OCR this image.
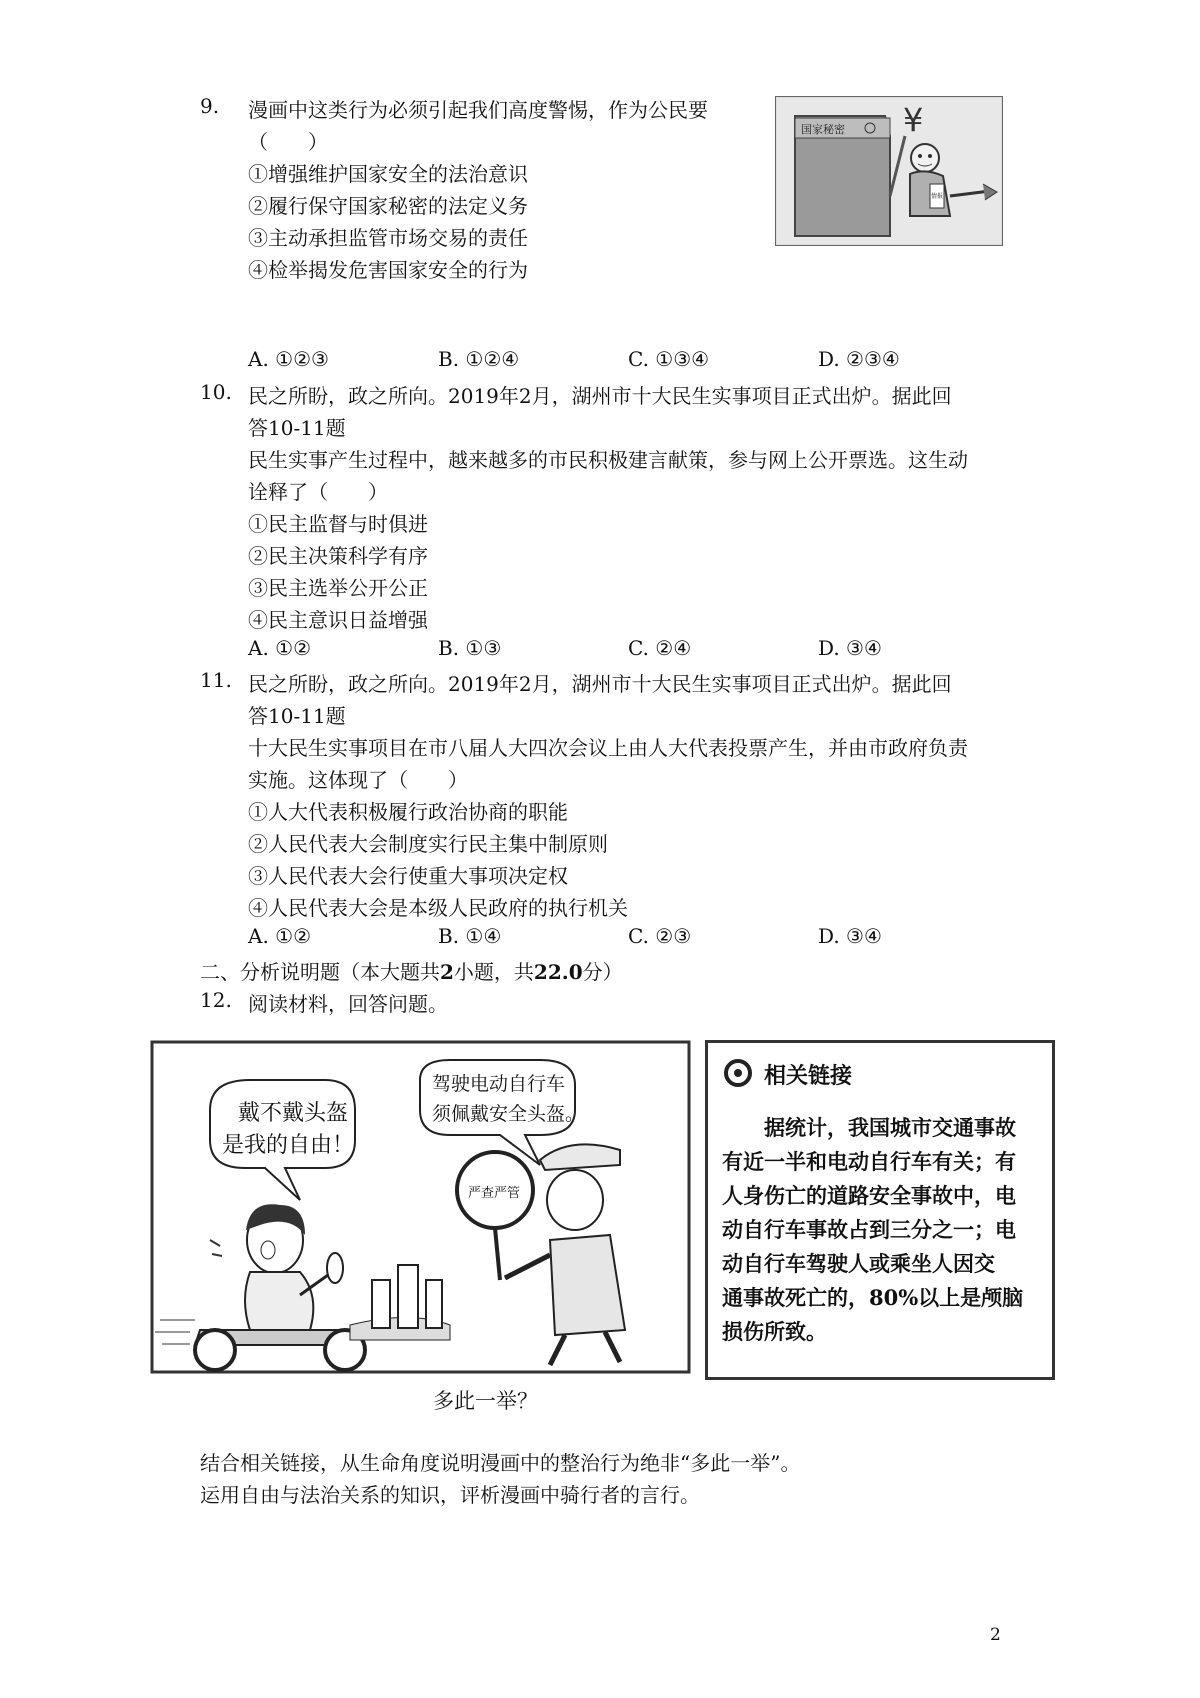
9. 漫画中这类行为必须引起我们高度警惕，作为公民要
（　　）
①增强维护国家安全的法治意识
②履行保守国家秘密的法定义务
③主动承担监管市场交易的责任
④检举揭发危害国家安全的行为
国家秘密 ¥
情报
A. ①②③	B. ①②④	C. ①③④	D. ②③④
10. 民之所盼，政之所向。2019年2月，湖州市十大民生实事项目正式出炉。据此回
答10-11题
民生实事产生过程中，越来越多的市民积极建言献策，参与网上公开票选。这生动
诠释了（　　）
①民主监督与时俱进
②民主决策科学有序
③民主选举公开公正
④民主意识日益增强
A. ①②	B. ①③	C. ②④	D. ③④
11. 民之所盼，政之所向。2019年2月，湖州市十大民生实事项目正式出炉。据此回
答10-11题
十大民生实事项目在市八届人大四次会议上由人大代表投票产生，并由市政府负责
实施。这体现了（　　）
①人大代表积极履行政治协商的职能
②人民代表大会制度实行民主集中制原则
③人民代表大会行使重大事项决定权
④人民代表大会是本级人民政府的执行机关
A. ①②	B. ①④	C. ②③	D. ③④
二、分析说明题（本大题共2小题，共22.0分）
12. 阅读材料，回答问题。
戴不戴头盔
是我的自由！
驾驶电动自行车
须佩戴安全头盔。
严查严管
多此一举？
相关链接
据统计，我国城市交通事故
有近一半和电动自行车有关；有
人身伤亡的道路安全事故中，电
动自行车事故占到三分之一；电
动自行车驾驶人或乘坐人因交
通事故死亡的，80%以上是颅脑
损伤所致。
结合相关链接，从生命角度说明漫画中的整治行为绝非“多此一举”。
运用自由与法治关系的知识，评析漫画中骑行者的言行。
2
